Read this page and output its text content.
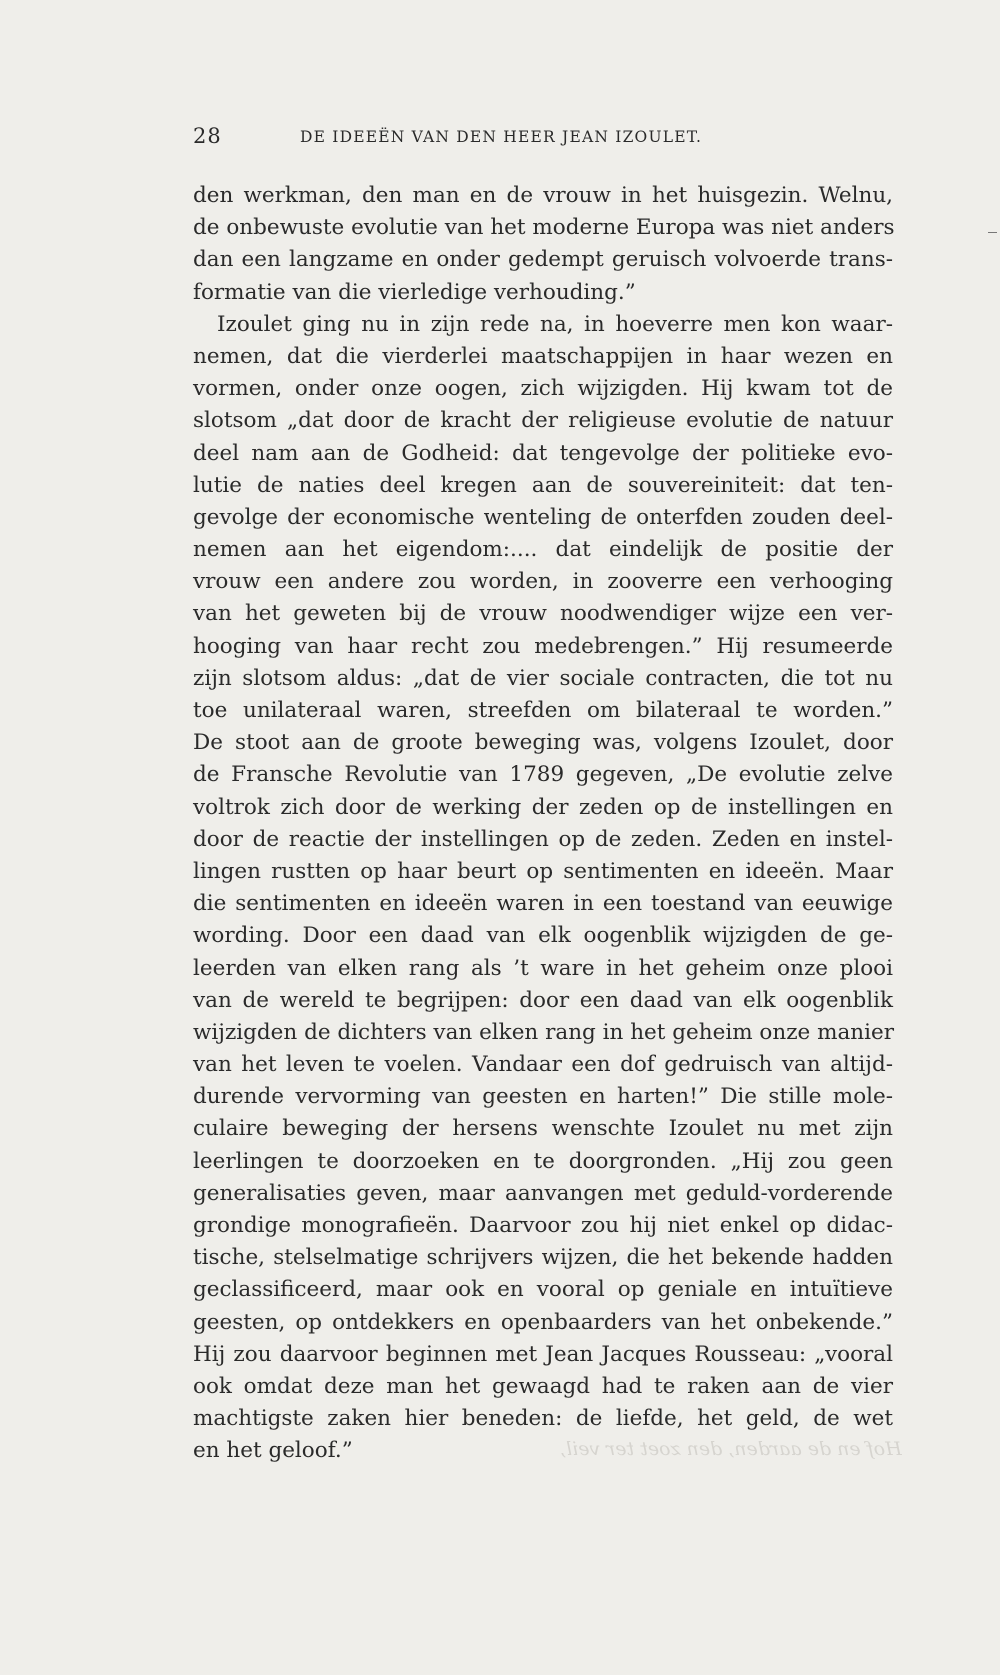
28	DE IDEEËN VAN DEN HEER JEAN IZOULET.
den werkman, den man en de vrouw in het huisgezin. Welnu,
de onbewuste evolutie van het moderne Europa was niet anders
dan een langzame en onder gedempt geruisch volvoerde trans-
formatie van die vierledige verhouding.”
Izoulet ging nu in zijn rede na, in hoeverre men kon waar-
nemen, dat die vierderlei maatschappijen in haar wezen en
vormen, onder onze oogen, zich wijzigden. Hij kwam tot de
slotsom „dat door de kracht der religieuse evolutie de natuur
deel nam aan de Godheid: dat tengevolge der politieke evo-
lutie de naties deel kregen aan de souvereiniteit: dat ten-
gevolge der economische wenteling de onterfden zouden deel-
nemen aan het eigendom:.... dat eindelijk de positie der
vrouw een andere zou worden, in zooverre een verhooging
van het geweten bij de vrouw noodwendiger wijze een ver-
hooging van haar recht zou medebrengen.” Hij resumeerde
zijn slotsom aldus: „dat de vier sociale contracten, die tot nu
toe unilateraal waren, streefden om bilateraal te worden.”
De stoot aan de groote beweging was, volgens Izoulet, door
de Fransche Revolutie van 1789 gegeven, „De evolutie zelve
voltrok zich door de werking der zeden op de instellingen en
door de reactie der instellingen op de zeden. Zeden en instel-
lingen rustten op haar beurt op sentimenten en ideeën. Maar
die sentimenten en ideeën waren in een toestand van eeuwige
wording. Door een daad van elk oogenblik wijzigden de ge-
leerden van elken rang als ’t ware in het geheim onze plooi
van de wereld te begrijpen: door een daad van elk oogenblik
wijzigden de dichters van elken rang in het geheim onze manier
van het leven te voelen. Vandaar een dof gedruisch van altijd-
durende vervorming van geesten en harten!” Die stille mole-
culaire beweging der hersens wenschte Izoulet nu met zijn
leerlingen te doorzoeken en te doorgronden. „Hij zou geen
generalisaties geven, maar aanvangen met geduld-vorderende
grondige monografieën. Daarvoor zou hij niet enkel op didac-
tische, stelselmatige schrijvers wijzen, die het bekende hadden
geclassificeerd, maar ook en vooral op geniale en intuïtieve
geesten, op ontdekkers en openbaarders van het onbekende.”
Hij zou daarvoor beginnen met Jean Jacques Rousseau: „vooral
ook omdat deze man het gewaagd had te raken aan de vier
machtigste zaken hier beneden: de liefde, het geld, de wet
en het geloof.”	Hof en de aarden, den zoet ter veil,
